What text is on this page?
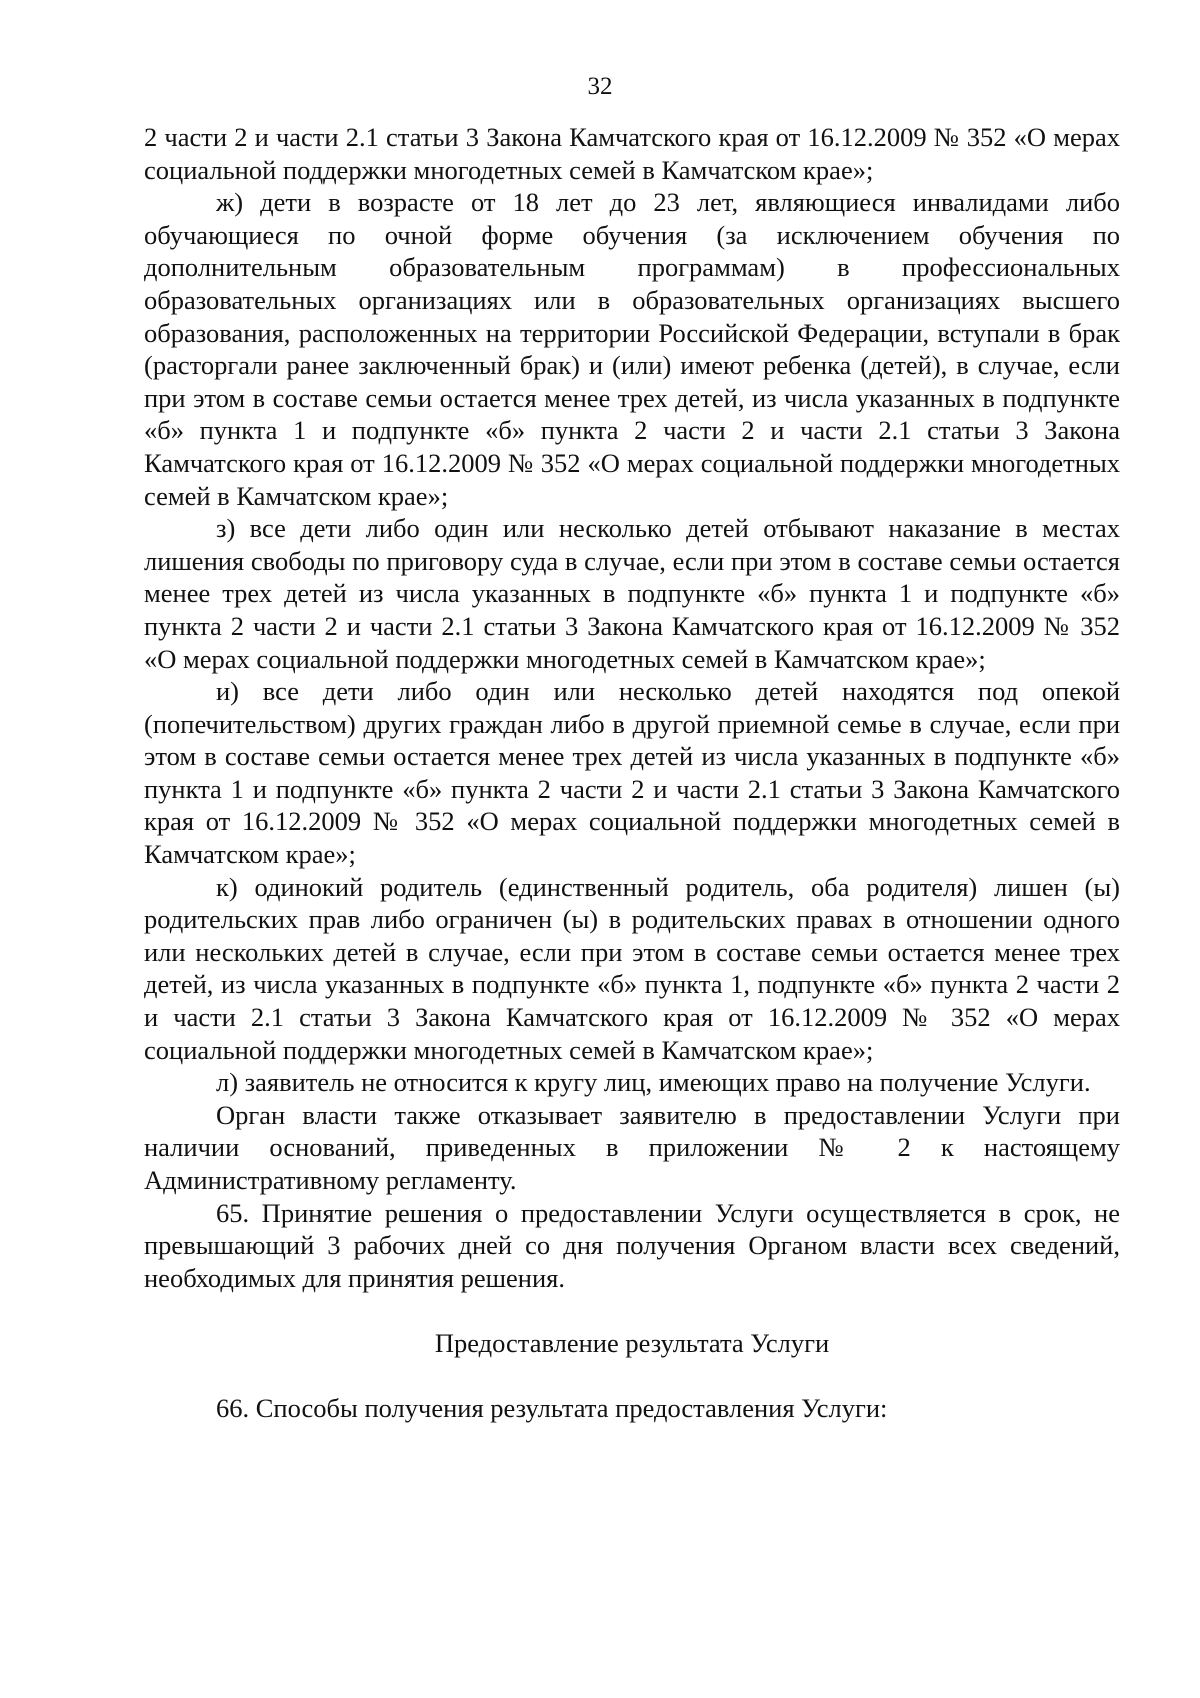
32

2 части 2 и части 2.1 статьи 3 Закона Камчатского края от 16.12.2009 № 352 «О мерах социальной поддержки многодетных семей в Камчатском крае»;

ж) дети в возрасте от 18 лет до 23 лет, являющиеся инвалидами либо обучающиеся по очной форме обучения (за исключением обучения по дополнительным образовательным программам) в профессиональных образовательных организациях или в образовательных организациях высшего образования, расположенных на территории Российской Федерации, вступали в брак (расторгали ранее заключенный брак) и (или) имеют ребенка (детей), в случае, если при этом в составе семьи остается менее трех детей, из числа указанных в подпункте «б» пункта 1 и подпункте «б» пункта 2 части 2 и части 2.1 статьи 3 Закона Камчатского края от 16.12.2009 № 352 «О мерах социальной поддержки многодетных семей в Камчатском крае»;

з) все дети либо один или несколько детей отбывают наказание в местах лишения свободы по приговору суда в случае, если при этом в составе семьи остается менее трех детей из числа указанных в подпункте «б» пункта 1 и подпункте «б» пункта 2 части 2 и части 2.1 статьи 3 Закона Камчатского края от 16.12.2009 № 352 «О мерах социальной поддержки многодетных семей в Камчатском крае»;

и) все дети либо один или несколько детей находятся под опекой (попечительством) других граждан либо в другой приемной семье в случае, если при этом в составе семьи остается менее трех детей из числа указанных в подпункте «б» пункта 1 и подпункте «б» пункта 2 части 2 и части 2.1 статьи 3 Закона Камчатского края от 16.12.2009 № 352 «О мерах социальной поддержки многодетных семей в Камчатском крае»;

к) одинокий родитель (единственный родитель, оба родителя) лишен (ы) родительских прав либо ограничен (ы) в родительских правах в отношении одного или нескольких детей в случае, если при этом в составе семьи остается менее трех детей, из числа указанных в подпункте «б» пункта 1, подпункте «б» пункта 2 части 2 и части 2.1 статьи 3 Закона Камчатского края от 16.12.2009 № 352 «О мерах социальной поддержки многодетных семей в Камчатском крае»;

л) заявитель не относится к кругу лиц, имеющих право на получение Услуги.

Орган власти также отказывает заявителю в предоставлении Услуги при наличии оснований, приведенных в приложении № 2 к настоящему Административному регламенту.

65. Принятие решения о предоставлении Услуги осуществляется в срок, не превышающий 3 рабочих дней со дня получения Органом власти всех сведений, необходимых для принятия решения.

Предоставление результата Услуги

66. Способы получения результата предоставления Услуги:
